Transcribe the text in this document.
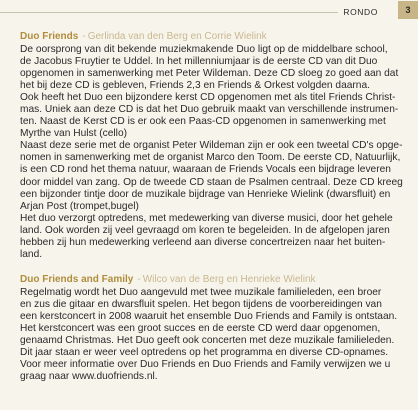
RONDO	3
Duo Friends - Gerlinda van den Berg en Corrie Wielink
De oorsprong van dit bekende muziekmakende Duo ligt op de middelbare school,
de Jacobus Fruytier te Uddel. In het millenniumjaar is de eerste CD van dit Duo
opgenomen in samenwerking met Peter Wildeman. Deze CD sloeg zo goed aan dat
het bij deze CD is gebleven, Friends 2,3 en Friends & Orkest volgden daarna.
Ook heeft het Duo een bijzondere kerst CD opgenomen met als titel Friends Christ-
mas. Uniek aan deze CD is dat het Duo gebruik maakt van verschillende instrumen-
ten. Naast de Kerst CD is er ook een Paas-CD opgenomen in samenwerking met
Myrthe van Hulst (cello)
Naast deze serie met de organist Peter Wildeman zijn er ook een tweetal CD's opge-
nomen in samenwerking met de organist Marco den Toom. De eerste CD, Natuurlijk,
is een CD rond het thema natuur, waaraan de Friends Vocals een bijdrage leveren
door middel van zang. Op de tweede CD staan de Psalmen centraal. Deze CD kreeg
een bijzonder tintje door de muzikale bijdrage van Henrieke Wielink (dwarsfluit) en
Arjan Post (trompet,bugel)
Het duo verzorgt optredens, met medewerking van diverse musici, door het gehele
land. Ook worden zij veel gevraagd om koren te begeleiden. In de afgelopen jaren
hebben zij hun medewerking verleend aan diverse concertreizen naar het buiten-
land.
Duo Friends and Family - Wilco van de Berg en Henrieke Wielink
Regelmatig wordt het Duo aangevuld met twee muzikale familieleden, een broer
en zus die gitaar en dwarsfluit spelen. Het begon tijdens de voorbereidingen van
een kerstconcert in 2008 waaruit het ensemble Duo Friends and Family is ontstaan.
Het kerstconcert was een groot succes en de eerste CD werd daar opgenomen,
genaamd Christmas. Het Duo geeft ook concerten met deze muzikale familieleden.
Dit jaar staan er weer veel optredens op het programma en diverse CD-opnames.
Voor meer informatie over Duo Friends en Duo Friends and Family verwijzen we u
graag naar www.duofriends.nl.
